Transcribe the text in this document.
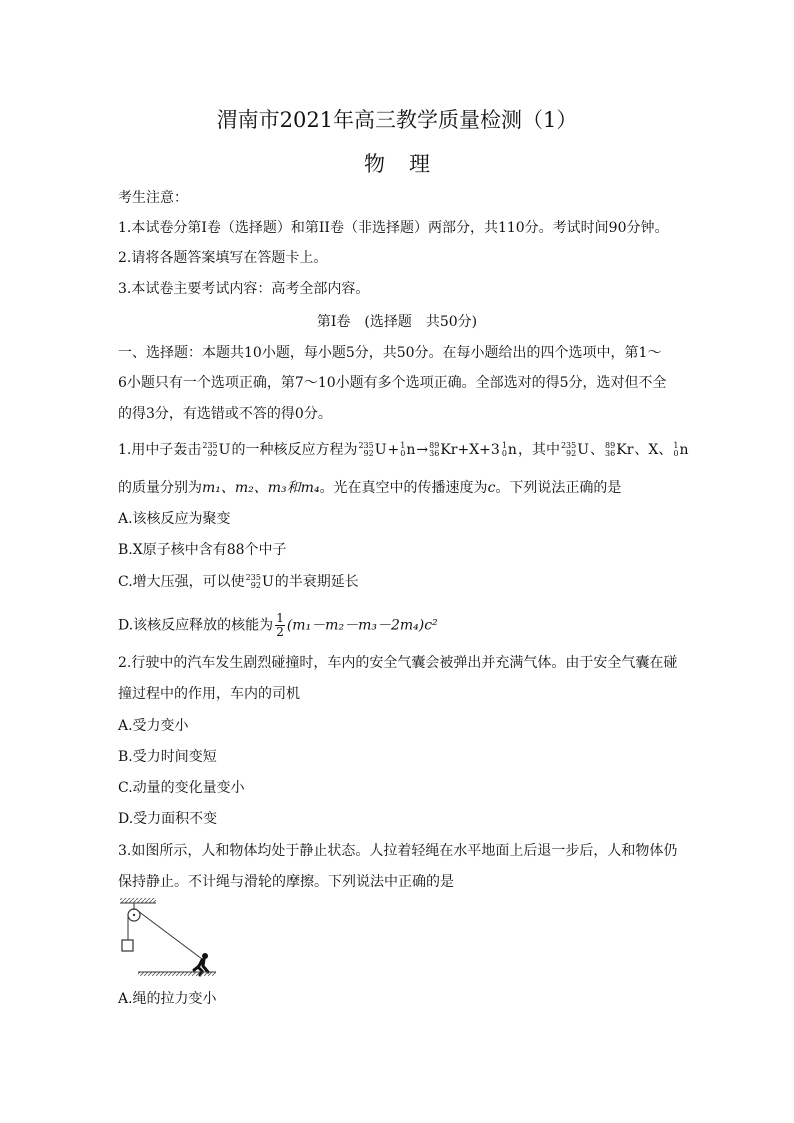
渭南市2021年高三教学质量检测（1）
物理
考生注意：
1.本试卷分第I卷（选择题）和第II卷（非选择题）两部分，共110分。考试时间90分钟。
2.请将各题答案填写在答题卡上。
3.本试卷主要考试内容：高考全部内容。
第I卷　(选择题　共50分)
一、选择题：本题共10小题，每小题5分，共50分。在每小题给出的四个选项中，第1～
6小题只有一个选项正确，第7～10小题有多个选项正确。全部选对的得5分，选对但不全
的得3分，有选错或不答的得0分。
1.用中子轰击 235
92 U 的一种核反应方程为 235
92 U + 1
0 n → 89
36 Kr+X+3 1
0 n ，其中 235
92 U 、 89
36 Kr 、X、 1
0 n
的质量分别为m₁、m₂、m₃和m₄。光在真空中的传播速度为c。下列说法正确的是
A.该核反应为聚变
B.X原子核中含有88个中子
C.增大压强，可以使 235
92 U 的半衰期延长
D.该核反应释放的核能为 $\frac{1}{2} (m_1-m_2-m_3-2m_4)c^2$
2.行驶中的汽车发生剧烈碰撞时，车内的安全气囊会被弹出并充满气体。由于安全气囊在碰
撞过程中的作用，车内的司机
A.受力变小
B.受力时间变短
C.动量的变化量变小
D.受力面积不变
3.如图所示，人和物体均处于静止状态。人拉着轻绳在水平地面上后退一步后，人和物体仍
保持静止。不计绳与滑轮的摩擦。下列说法中正确的是
A.绳的拉力变小
